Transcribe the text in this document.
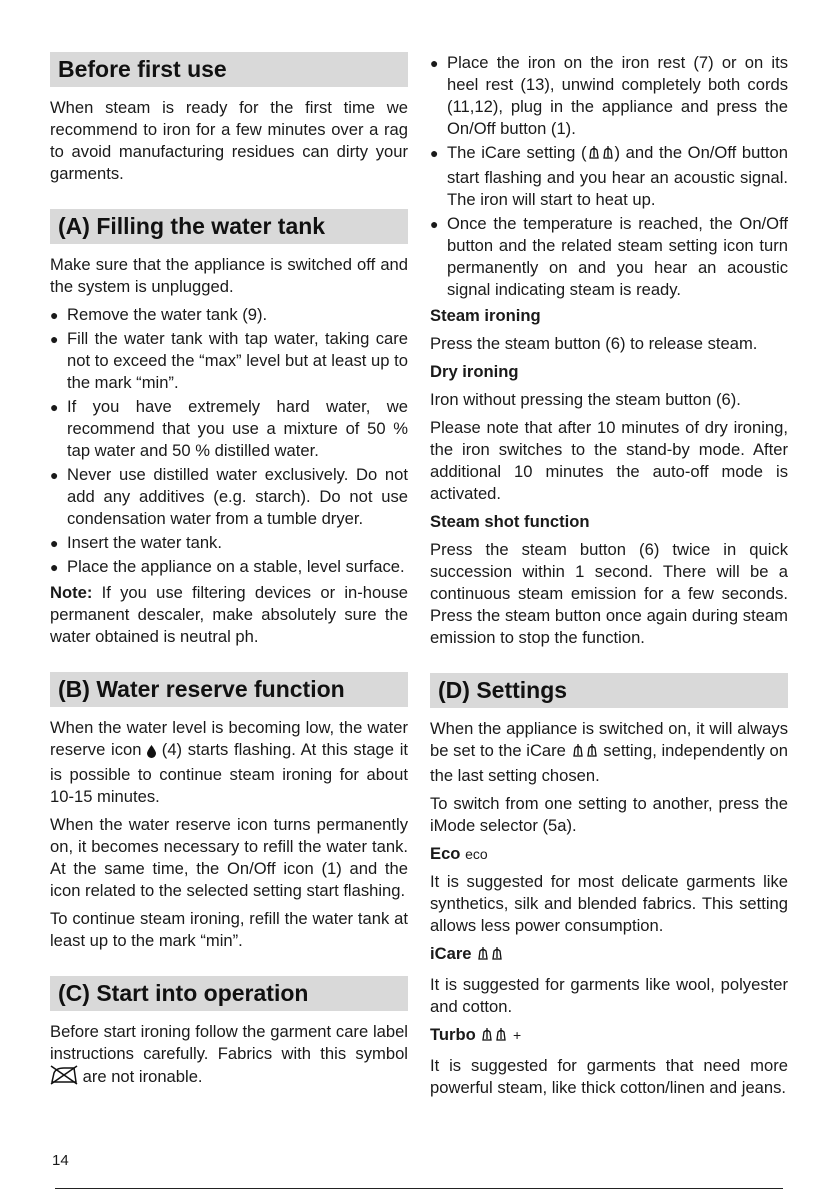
Before first use

When steam is ready for the first time we recommend to iron for a few minutes over a rag to avoid manufacturing residues can dirty your garments.

(A) Filling the water tank

Make sure that the appliance is switched off and the system is unplugged.

● Remove the water tank (9).
● Fill the water tank with tap water, taking care not to exceed the “max” level but at least up to the mark “min”.
● If you have extremely hard water, we recommend that you use a mixture of 50 % tap water and 50 % distilled water.
● Never use distilled water exclusively. Do not add any additives (e.g. starch). Do not use condensation water from a tumble dryer.
● Insert the water tank.
● Place the appliance on a stable, level surface.

Note: If you use filtering devices or in-house permanent descaler, make absolutely sure the water obtained is neutral ph.

(B) Water reserve function

When the water level is becoming low, the water reserve icon  (4) starts flashing. At this stage it is possible to continue steam ironing for about 10-15 minutes.

When the water reserve icon turns permanently on, it becomes necessary to refill the water tank. At the same time, the On/Off icon (1) and the icon related to the selected setting start flashing.

To continue steam ironing, refill the water tank at least up to the mark “min”.

(C) Start into operation

Before start ironing follow the garment care label instructions carefully. Fabrics with this symbol  are not ironable.

● Place the iron on the iron rest (7) or on its heel rest (13), unwind completely both cords (11,12), plug in the appliance and press the On/Off button (1).
● The iCare setting ( ) and the On/Off button start flashing and you hear an acoustic signal. The iron will start to heat up.
● Once the temperature is reached, the On/Off button and the related steam setting icon turn permanently on and you hear an acoustic signal indicating steam is ready.
Steam ironing

Press the steam button (6) to release steam.

Dry ironing

Iron without pressing the steam button (6).

Please note that after 10 minutes of dry ironing, the iron switches to the stand-by mode. After additional 10 minutes the auto-off mode is activated.

Steam shot function

Press the steam button (6) twice in quick succession within 1 second. There will be a continuous steam emission for a few seconds. Press the steam button once again during steam emission to stop the function.

(D) Settings

When the appliance is switched on, it will always be set to the iCare  setting, independently on the last setting chosen.

To switch from one setting to another, press the iMode selector (5a).

Eco eco

It is suggested for most delicate garments like synthetics, silk and blended fabrics. This setting allows less power consumption.

iCare

It is suggested for garments like wool, polyester and cotton.

Turbo	+

It is suggested for garments that need more powerful steam, like thick cotton/linen and jeans.

14
